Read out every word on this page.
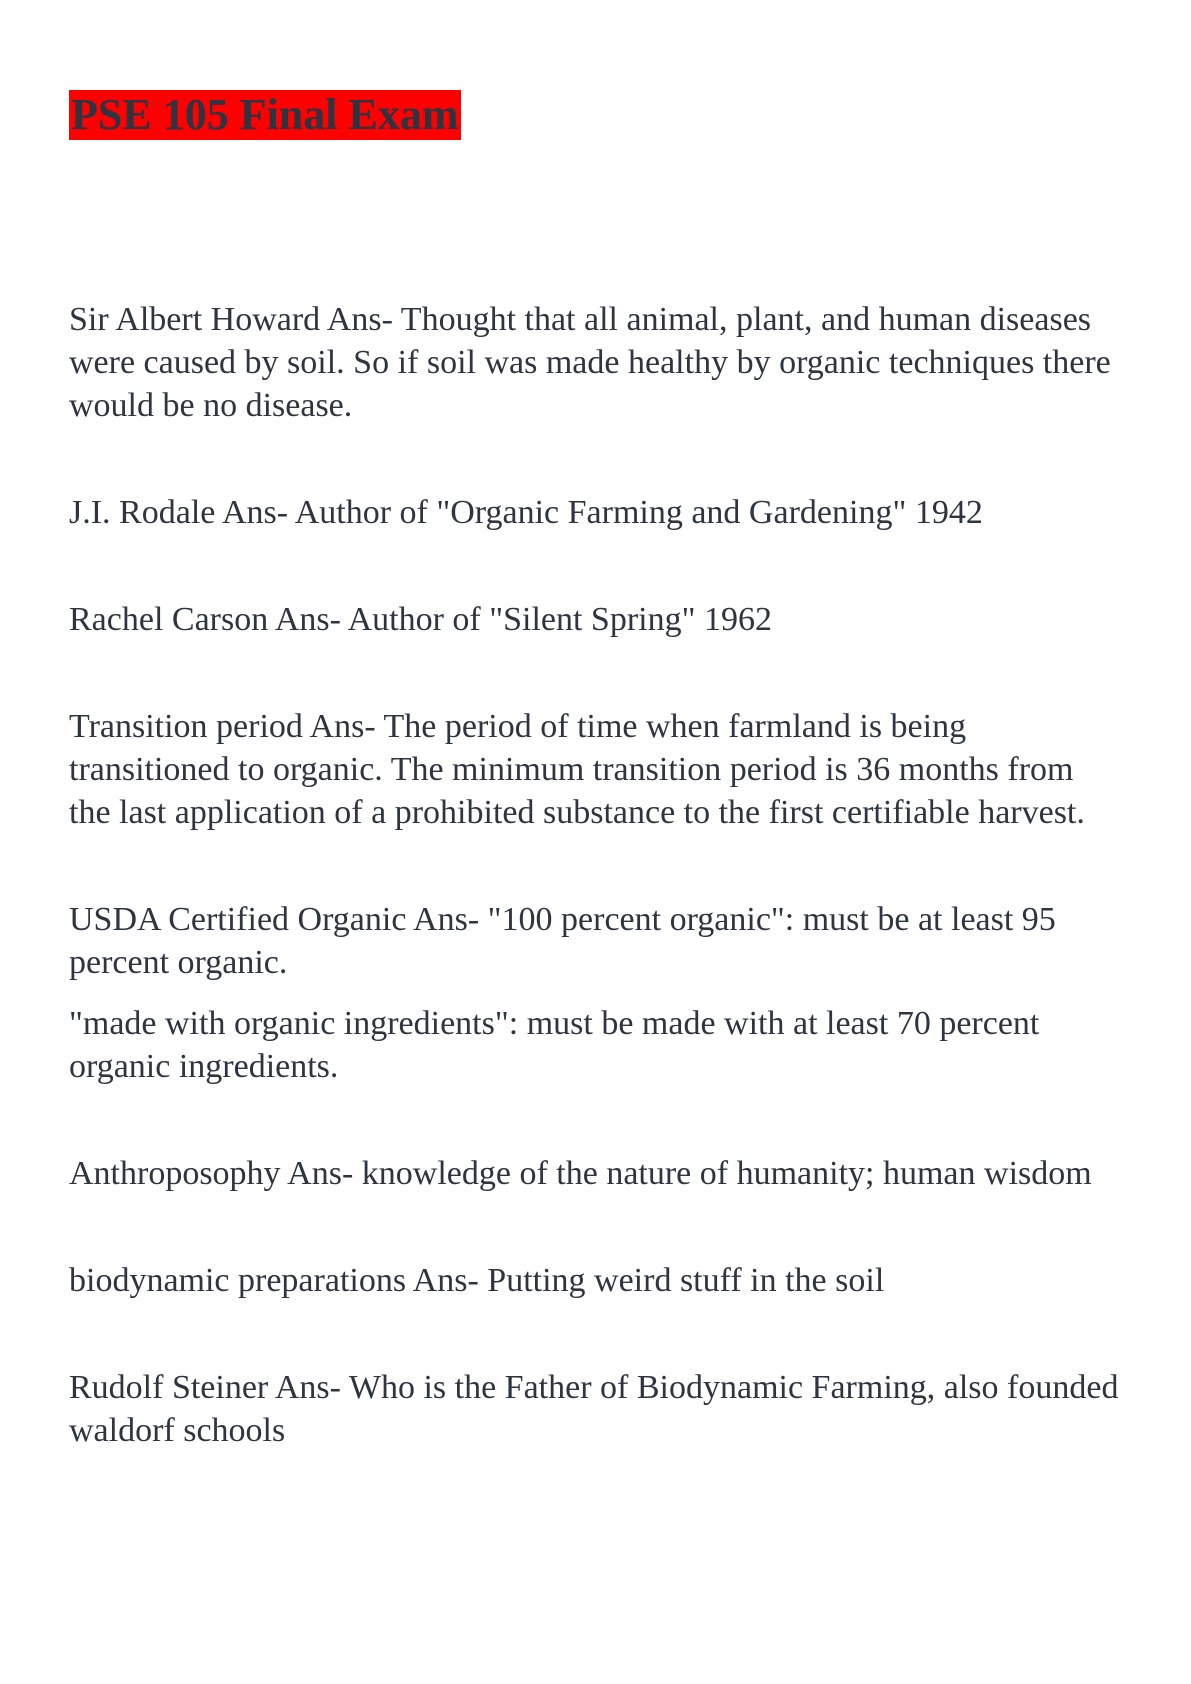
PSE 105 Final Exam

Sir Albert Howard Ans- Thought that all animal, plant, and human diseases were caused by soil. So if soil was made healthy by organic techniques there would be no disease.

J.I. Rodale Ans- Author of "Organic Farming and Gardening" 1942

Rachel Carson Ans- Author of "Silent Spring" 1962

Transition period Ans- The period of time when farmland is being transitioned to organic. The minimum transition period is 36 months from the last application of a prohibited substance to the first certifiable harvest.

USDA Certified Organic Ans- "100 percent organic": must be at least 95 percent organic.

"made with organic ingredients": must be made with at least 70 percent organic ingredients.

Anthroposophy Ans- knowledge of the nature of humanity; human wisdom

biodynamic preparations Ans- Putting weird stuff in the soil

Rudolf Steiner Ans- Who is the Father of Biodynamic Farming, also founded waldorf schools
